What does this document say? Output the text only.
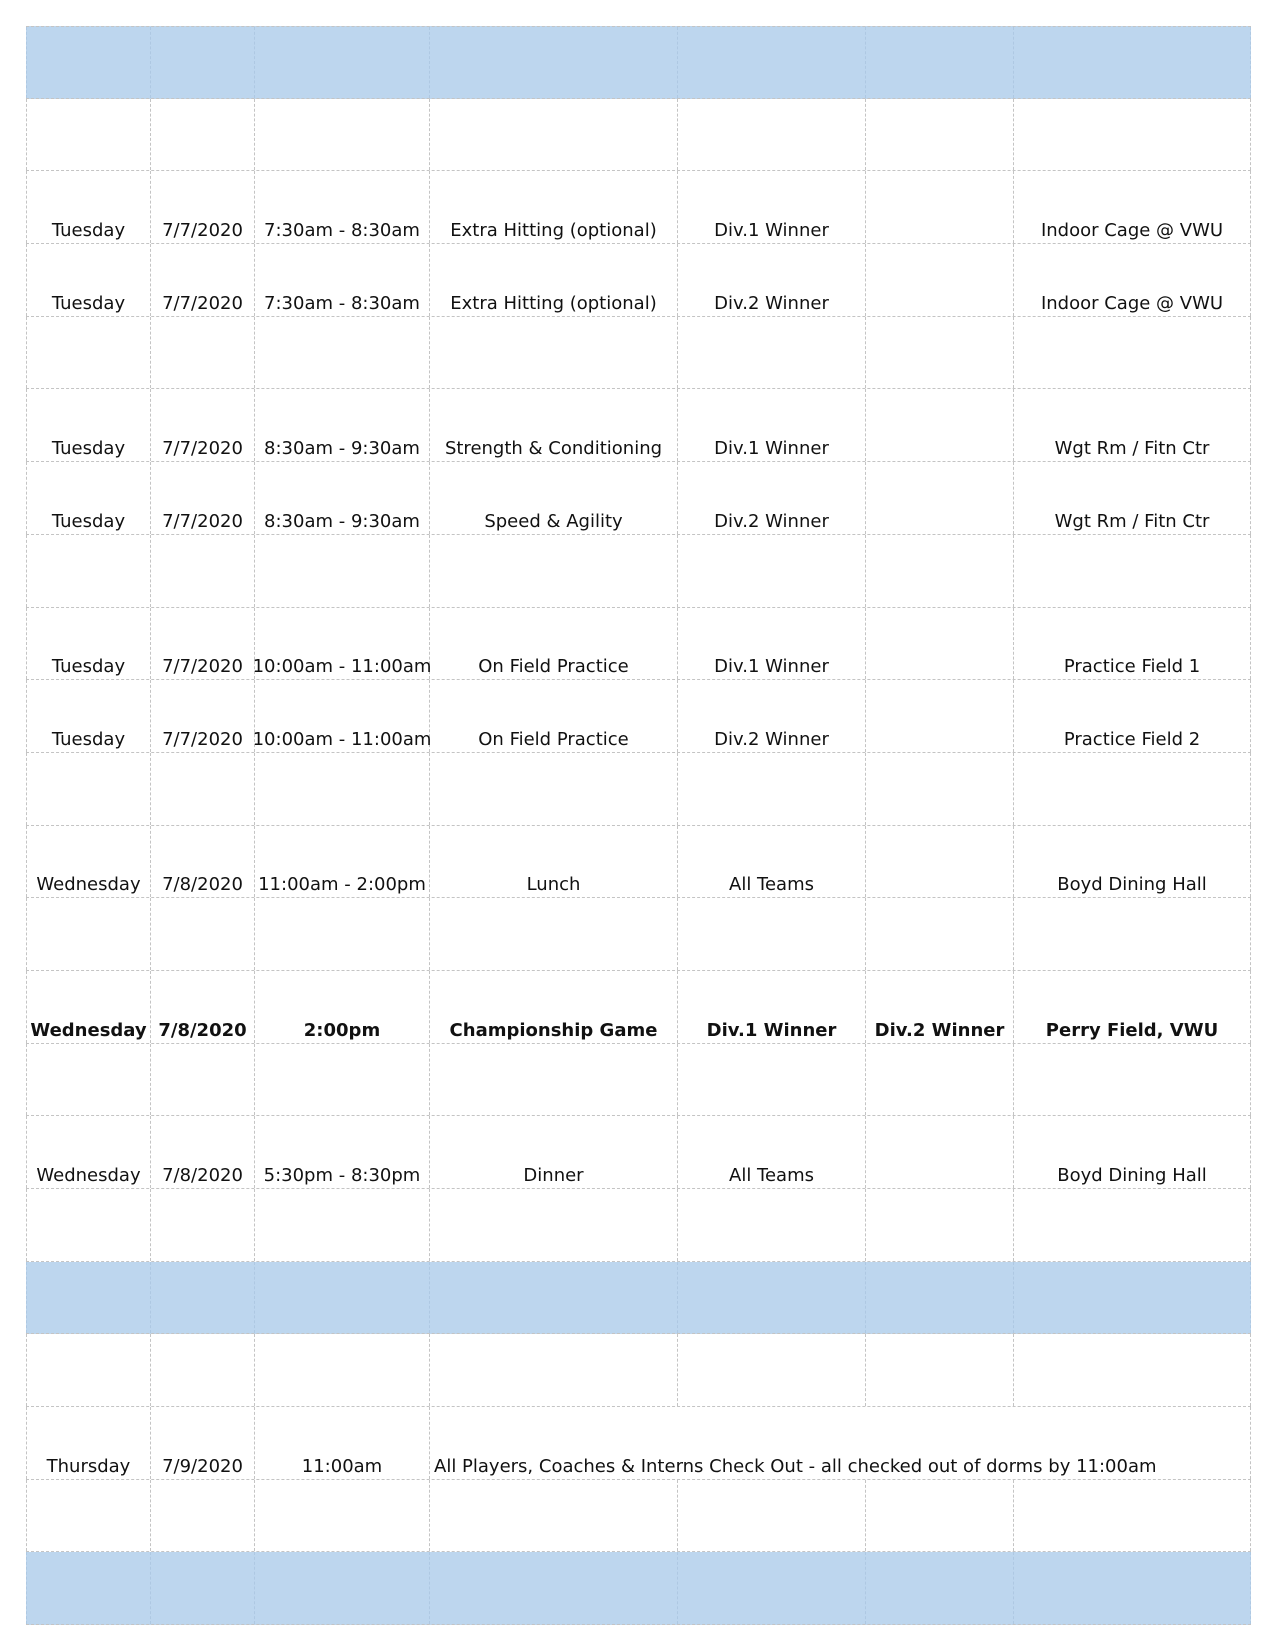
Tuesday	7/7/2020	7:30am - 8:30am	Extra Hitting (optional)	Div.1 Winner	Indoor Cage @ VWU
Tuesday	7/7/2020	7:30am - 8:30am	Extra Hitting (optional)	Div.2 Winner	Indoor Cage @ VWU
Tuesday	7/7/2020	8:30am - 9:30am	Strength & Conditioning	Div.1 Winner	Wgt Rm / Fitn Ctr
Tuesday	7/7/2020	8:30am - 9:30am	Speed & Agility	Div.2 Winner	Wgt Rm / Fitn Ctr
Tuesday	7/7/2020 10:00am - 11:00am	On Field Practice	Div.1 Winner	Practice Field 1
Tuesday	7/7/2020 10:00am - 11:00am	On Field Practice	Div.2 Winner	Practice Field 2
Wednesday	7/8/2020 11:00am - 2:00pm	Lunch	All Teams	Boyd Dining Hall
Wednesday 7/8/2020	2:00pm	Championship Game	Div.1 Winner	Div.2 Winner	Perry Field, VWU
Wednesday	7/8/2020	5:30pm - 8:30pm	Dinner	All Teams	Boyd Dining Hall
Thursday	7/9/2020	11:00am	All Players, Coaches & Interns Check Out - all checked out of dorms by 11:00am
